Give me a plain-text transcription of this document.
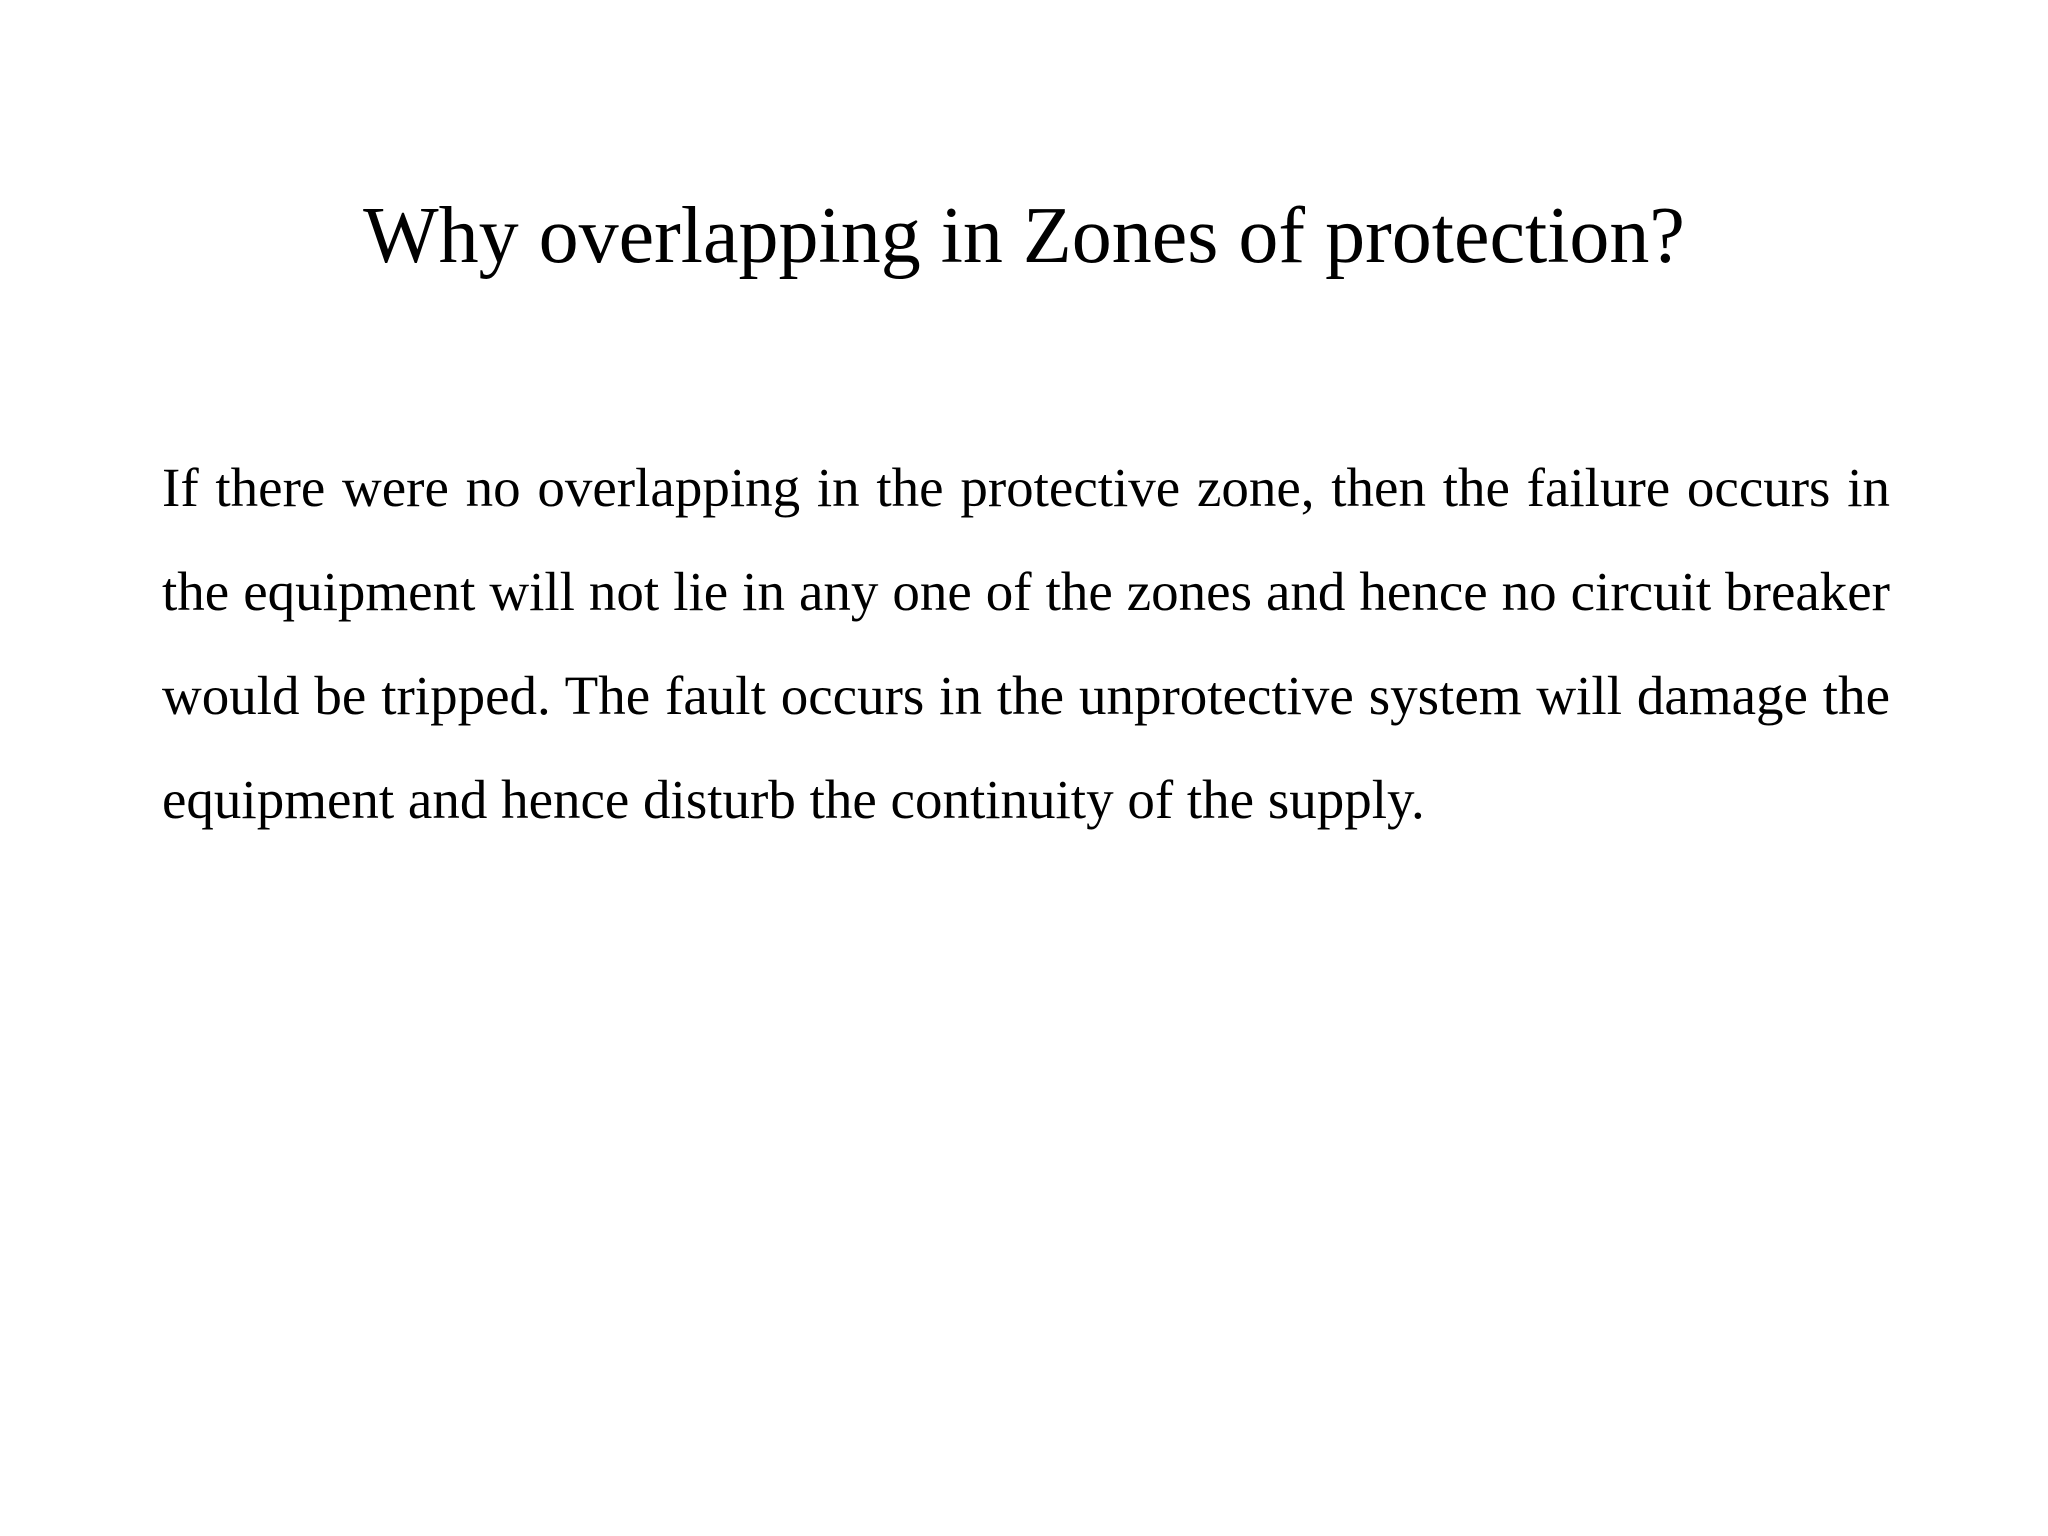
Why overlapping in Zones of protection?

If there were no overlapping in the protective zone, then the failure occurs in the equipment will not lie in any one of the zones and hence no circuit breaker would be tripped. The fault occurs in the unprotective system will damage the equipment and hence disturb the continuity of the supply.
